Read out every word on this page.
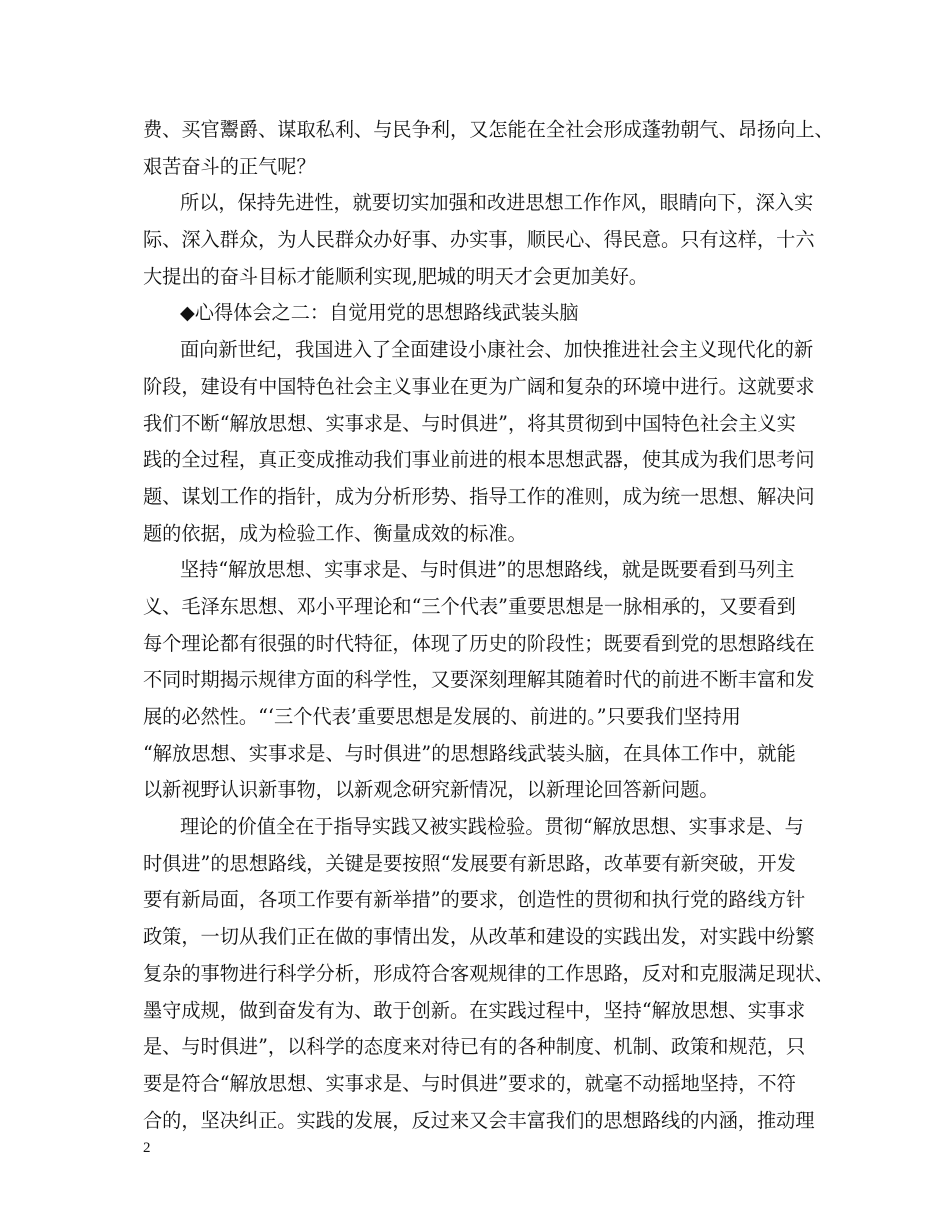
费、买官鬻爵、谋取私利、与民争利，又怎能在全社会形成蓬勃朝气、昂扬向上、
艰苦奋斗的正气呢？
所以，保持先进性，就要切实加强和改进思想工作作风，眼睛向下，深入实
际、深入群众，为人民群众办好事、办实事，顺民心、得民意。只有这样，十六
大提出的奋斗目标才能顺利实现,肥城的明天才会更加美好。
◆心得体会之二：自觉用党的思想路线武装头脑
面向新世纪，我国进入了全面建设小康社会、加快推进社会主义现代化的新
阶段，建设有中国特色社会主义事业在更为广阔和复杂的环境中进行。这就要求
我们不断“解放思想、实事求是、与时俱进”，将其贯彻到中国特色社会主义实
践的全过程，真正变成推动我们事业前进的根本思想武器，使其成为我们思考问
题、谋划工作的指针，成为分析形势、指导工作的准则，成为统一思想、解决问
题的依据，成为检验工作、衡量成效的标准。
坚持“解放思想、实事求是、与时俱进”的思想路线，就是既要看到马列主
义、毛泽东思想、邓小平理论和“三个代表”重要思想是一脉相承的，又要看到
每个理论都有很强的时代特征，体现了历史的阶段性；既要看到党的思想路线在
不同时期揭示规律方面的科学性，又要深刻理解其随着时代的前进不断丰富和发
展的必然性。“‘三个代表’重要思想是发展的、前进的。”只要我们坚持用
“解放思想、实事求是、与时俱进”的思想路线武装头脑，在具体工作中，就能
以新视野认识新事物，以新观念研究新情况，以新理论回答新问题。
理论的价值全在于指导实践又被实践检验。贯彻“解放思想、实事求是、与
时俱进”的思想路线，关键是要按照“发展要有新思路，改革要有新突破，开发
要有新局面，各项工作要有新举措”的要求，创造性的贯彻和执行党的路线方针
政策，一切从我们正在做的事情出发，从改革和建设的实践出发，对实践中纷繁
复杂的事物进行科学分析，形成符合客观规律的工作思路，反对和克服满足现状、
墨守成规，做到奋发有为、敢于创新。在实践过程中，坚持“解放思想、实事求
是、与时俱进”，以科学的态度来对待已有的各种制度、机制、政策和规范，只
要是符合“解放思想、实事求是、与时俱进”要求的，就毫不动摇地坚持，不符
合的，坚决纠正。实践的发展，反过来又会丰富我们的思想路线的内涵，推动理
2
